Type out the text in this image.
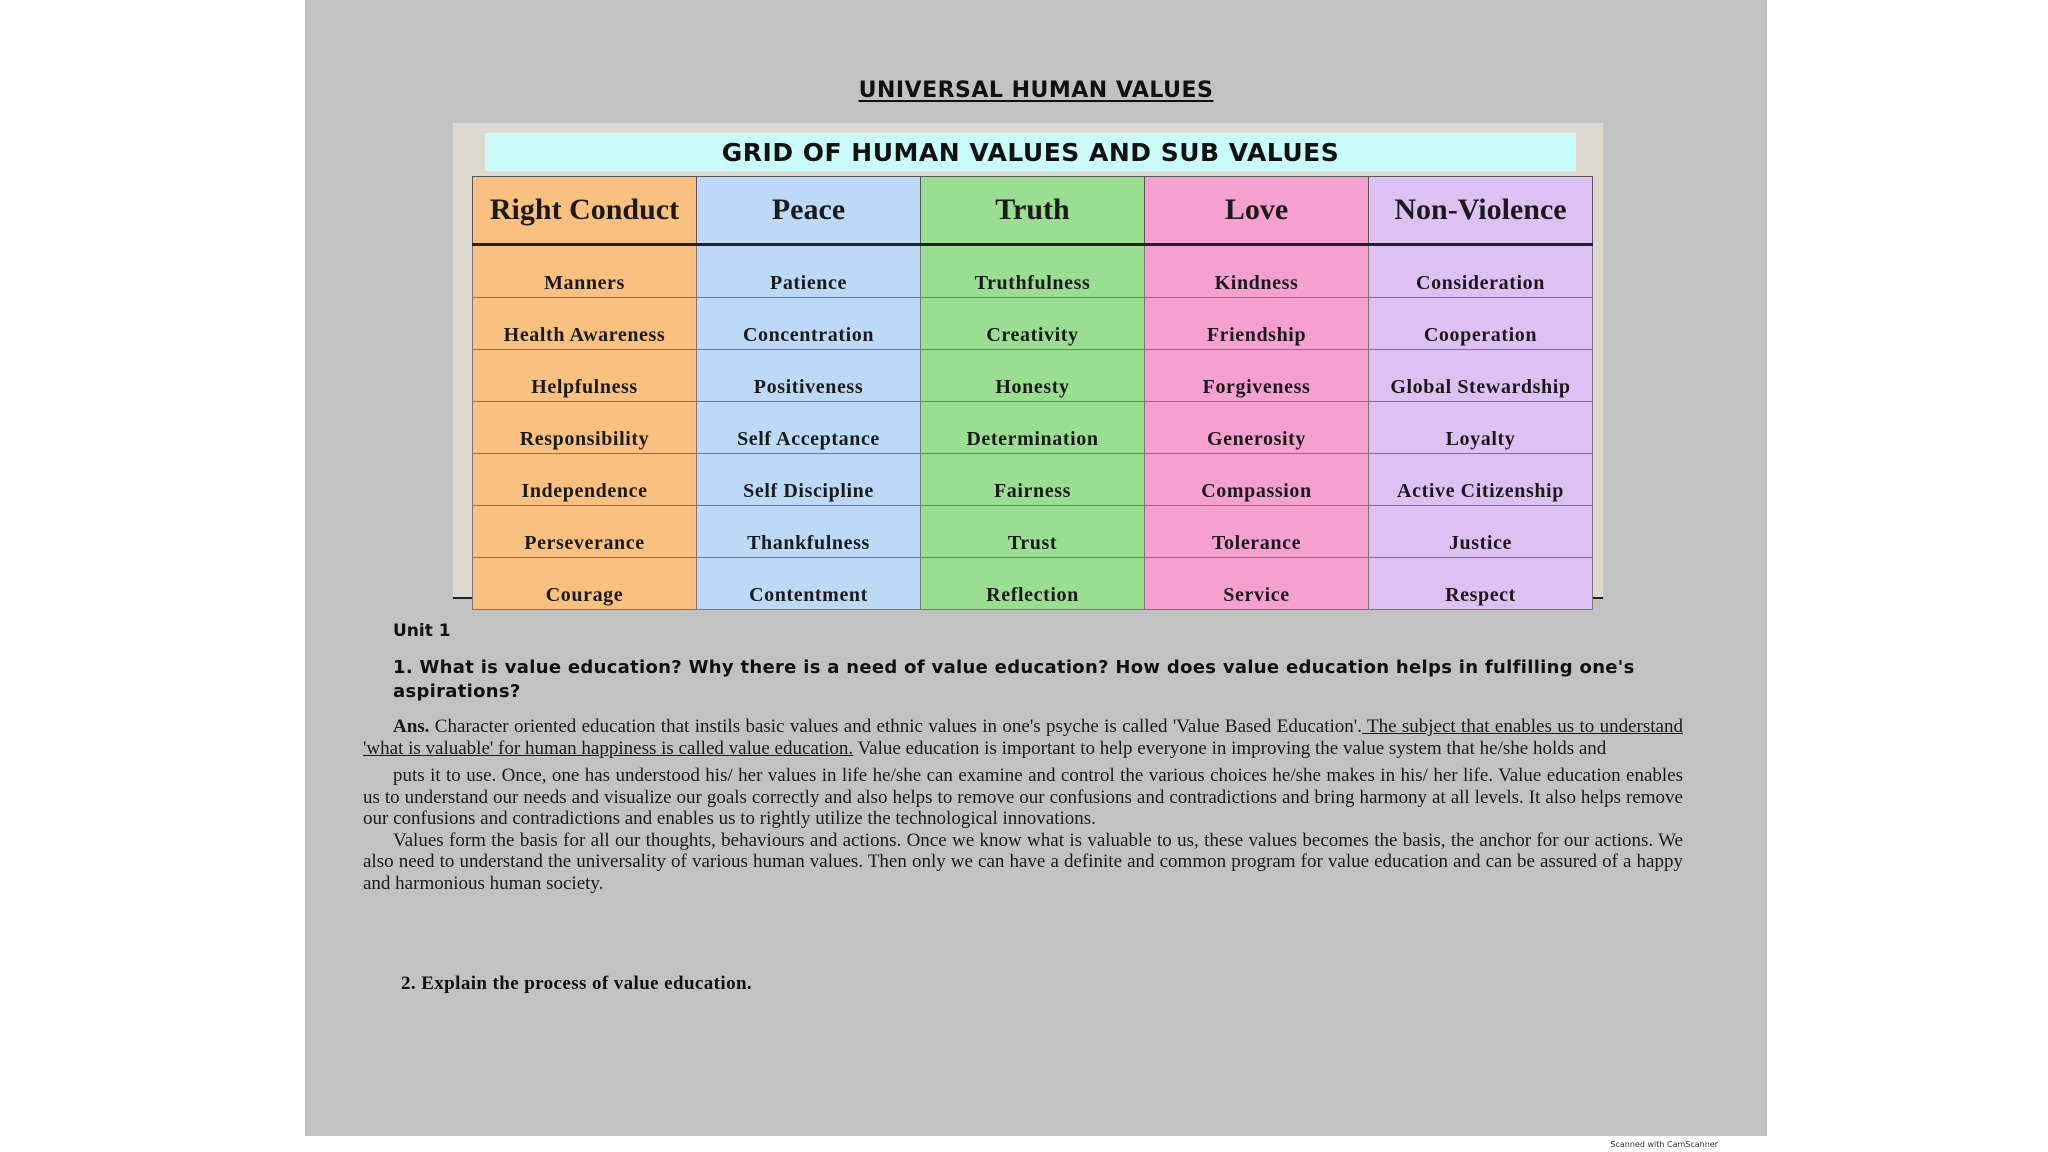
UNIVERSAL HUMAN VALUES
GRID OF HUMAN VALUES AND SUB VALUES
Right Conduct	Peace	Truth	Love	Non-Violence
Manners	Patience	Truthfulness	Kindness	Consideration
Health Awareness	Concentration	Creativity	Friendship	Cooperation
Helpfulness	Positiveness	Honesty	Forgiveness	Global Stewardship
Responsibility	Self Acceptance	Determination	Generosity	Loyalty
Independence	Self Discipline	Fairness	Compassion	Active Citizenship
Perseverance	Thankfulness	Trust	Tolerance	Justice
Courage	Contentment	Reflection	Service	Respect
Unit 1
1. What is value education? Why there is a need of value education? How does value education helps in fulfilling one's aspirations?

Ans. Character oriented education that instils basic values and ethnic values in one's psyche is called 'Value Based Education'. The subject that enables us to understand 'what is valuable' for human happiness is called value education. Value education is important to help everyone in improving the value system that he/she holds and

puts it to use. Once, one has understood his/ her values in life he/she can examine and control the various choices he/she makes in his/ her life. Value education enables us to understand our needs and visualize our goals correctly and also helps to remove our confusions and contradictions and bring harmony at all levels. It also helps remove our confusions and contradictions and enables us to rightly utilize the technological innovations.

Values form the basis for all our thoughts, behaviours and actions. Once we know what is valuable to us, these values becomes the basis, the anchor for our actions. We also need to understand the universality of various human values. Then only we can have a definite and common program for value education and can be assured of a happy and harmonious human society.

2. Explain the process of value education.
Scanned with CamScanner
